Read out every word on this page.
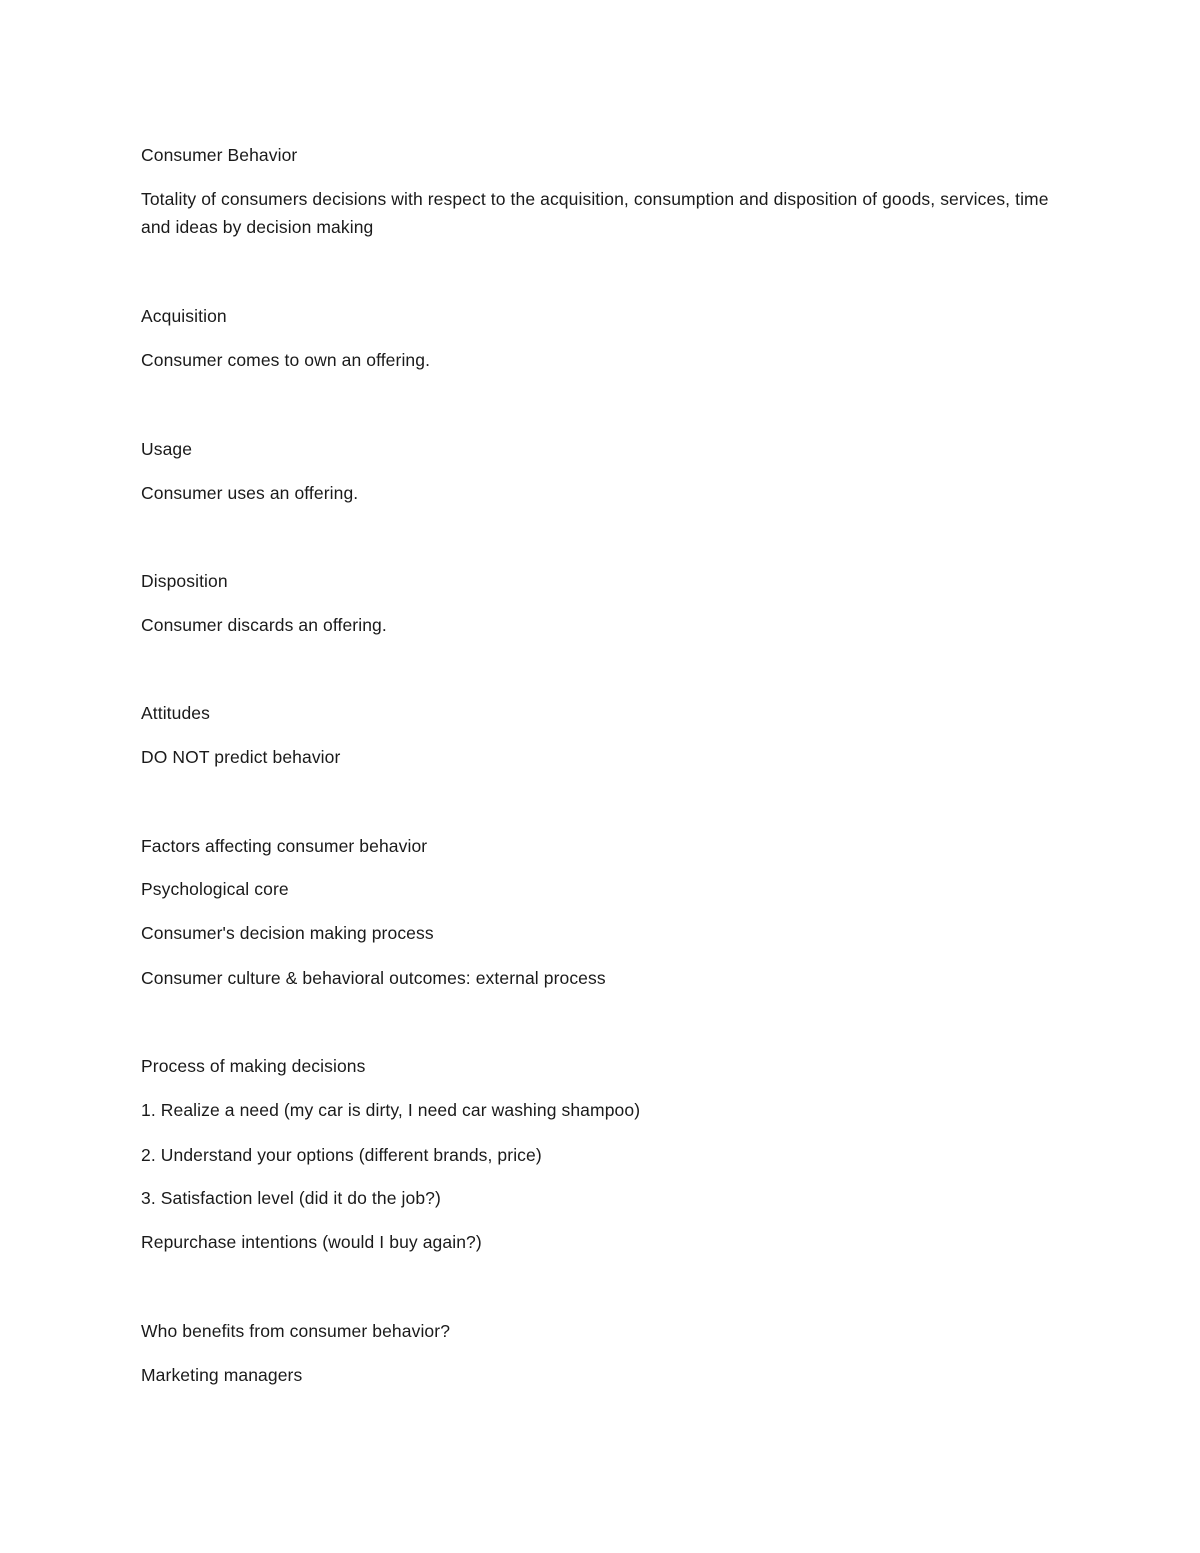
Consumer Behavior
Totality of consumers decisions with respect to the acquisition, consumption and disposition of goods, services, time and ideas by decision making
Acquisition
Consumer comes to own an offering.
Usage
Consumer uses an offering.
Disposition
Consumer discards an offering.
Attitudes
DO NOT predict behavior
Factors affecting consumer behavior
Psychological core
Consumer's decision making process
Consumer culture & behavioral outcomes: external process
Process of making decisions
1. Realize a need (my car is dirty, I need car washing shampoo)
2. Understand your options (different brands, price)
3. Satisfaction level (did it do the job?)
Repurchase intentions (would I buy again?)
Who benefits from consumer behavior?
Marketing managers
